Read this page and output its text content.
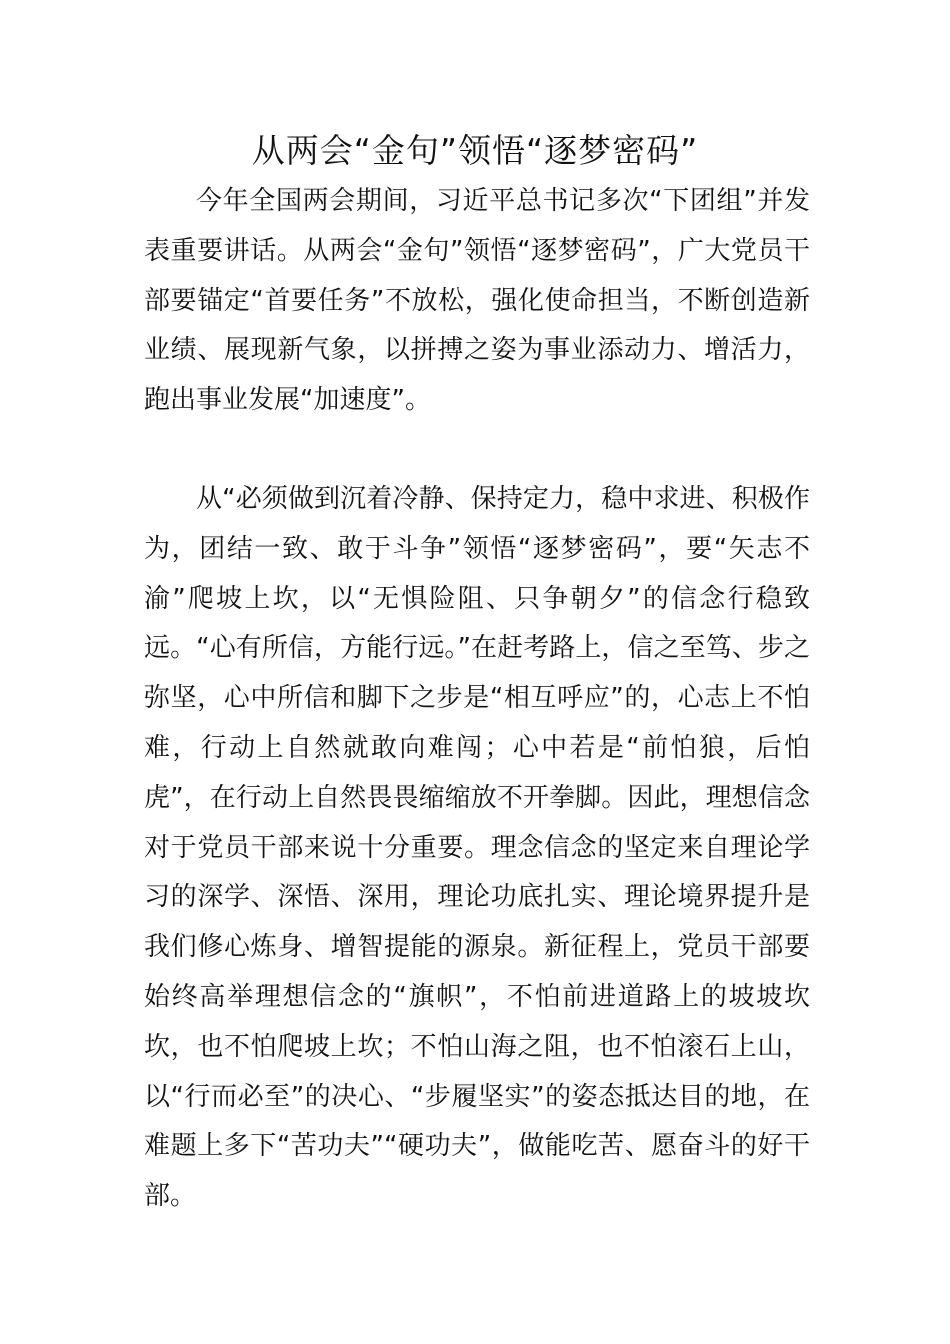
从两会“金句”领悟“逐梦密码”

今年全国两会期间，习近平总书记多次“下团组”并发表重要讲话。从两会“金句”领悟“逐梦密码”，广大党员干部要锚定“首要任务”不放松，强化使命担当，不断创造新业绩、展现新气象，以拼搏之姿为事业添动力、增活力，跑出事业发展“加速度”。

从“必须做到沉着冷静、保持定力，稳中求进、积极作为，团结一致、敢于斗争”领悟“逐梦密码”，要“矢志不渝”爬坡上坎，以“无惧险阻、只争朝夕”的信念行稳致远。“心有所信，方能行远。”在赶考路上，信之至笃、步之弥坚，心中所信和脚下之步是“相互呼应”的，心志上不怕难，行动上自然就敢向难闯；心中若是“前怕狼，后怕虎”，在行动上自然畏畏缩缩放不开拳脚。因此，理想信念对于党员干部来说十分重要。理念信念的坚定来自理论学习的深学、深悟、深用，理论功底扎实、理论境界提升是我们修心炼身、增智提能的源泉。新征程上，党员干部要始终高举理想信念的“旗帜”，不怕前进道路上的坡坡坎坎，也不怕爬坡上坎；不怕山海之阻，也不怕滚石上山，以“行而必至”的决心、“步履坚实”的姿态抵达目的地，在难题上多下“苦功夫”“硬功夫”，做能吃苦、愿奋斗的好干部。
